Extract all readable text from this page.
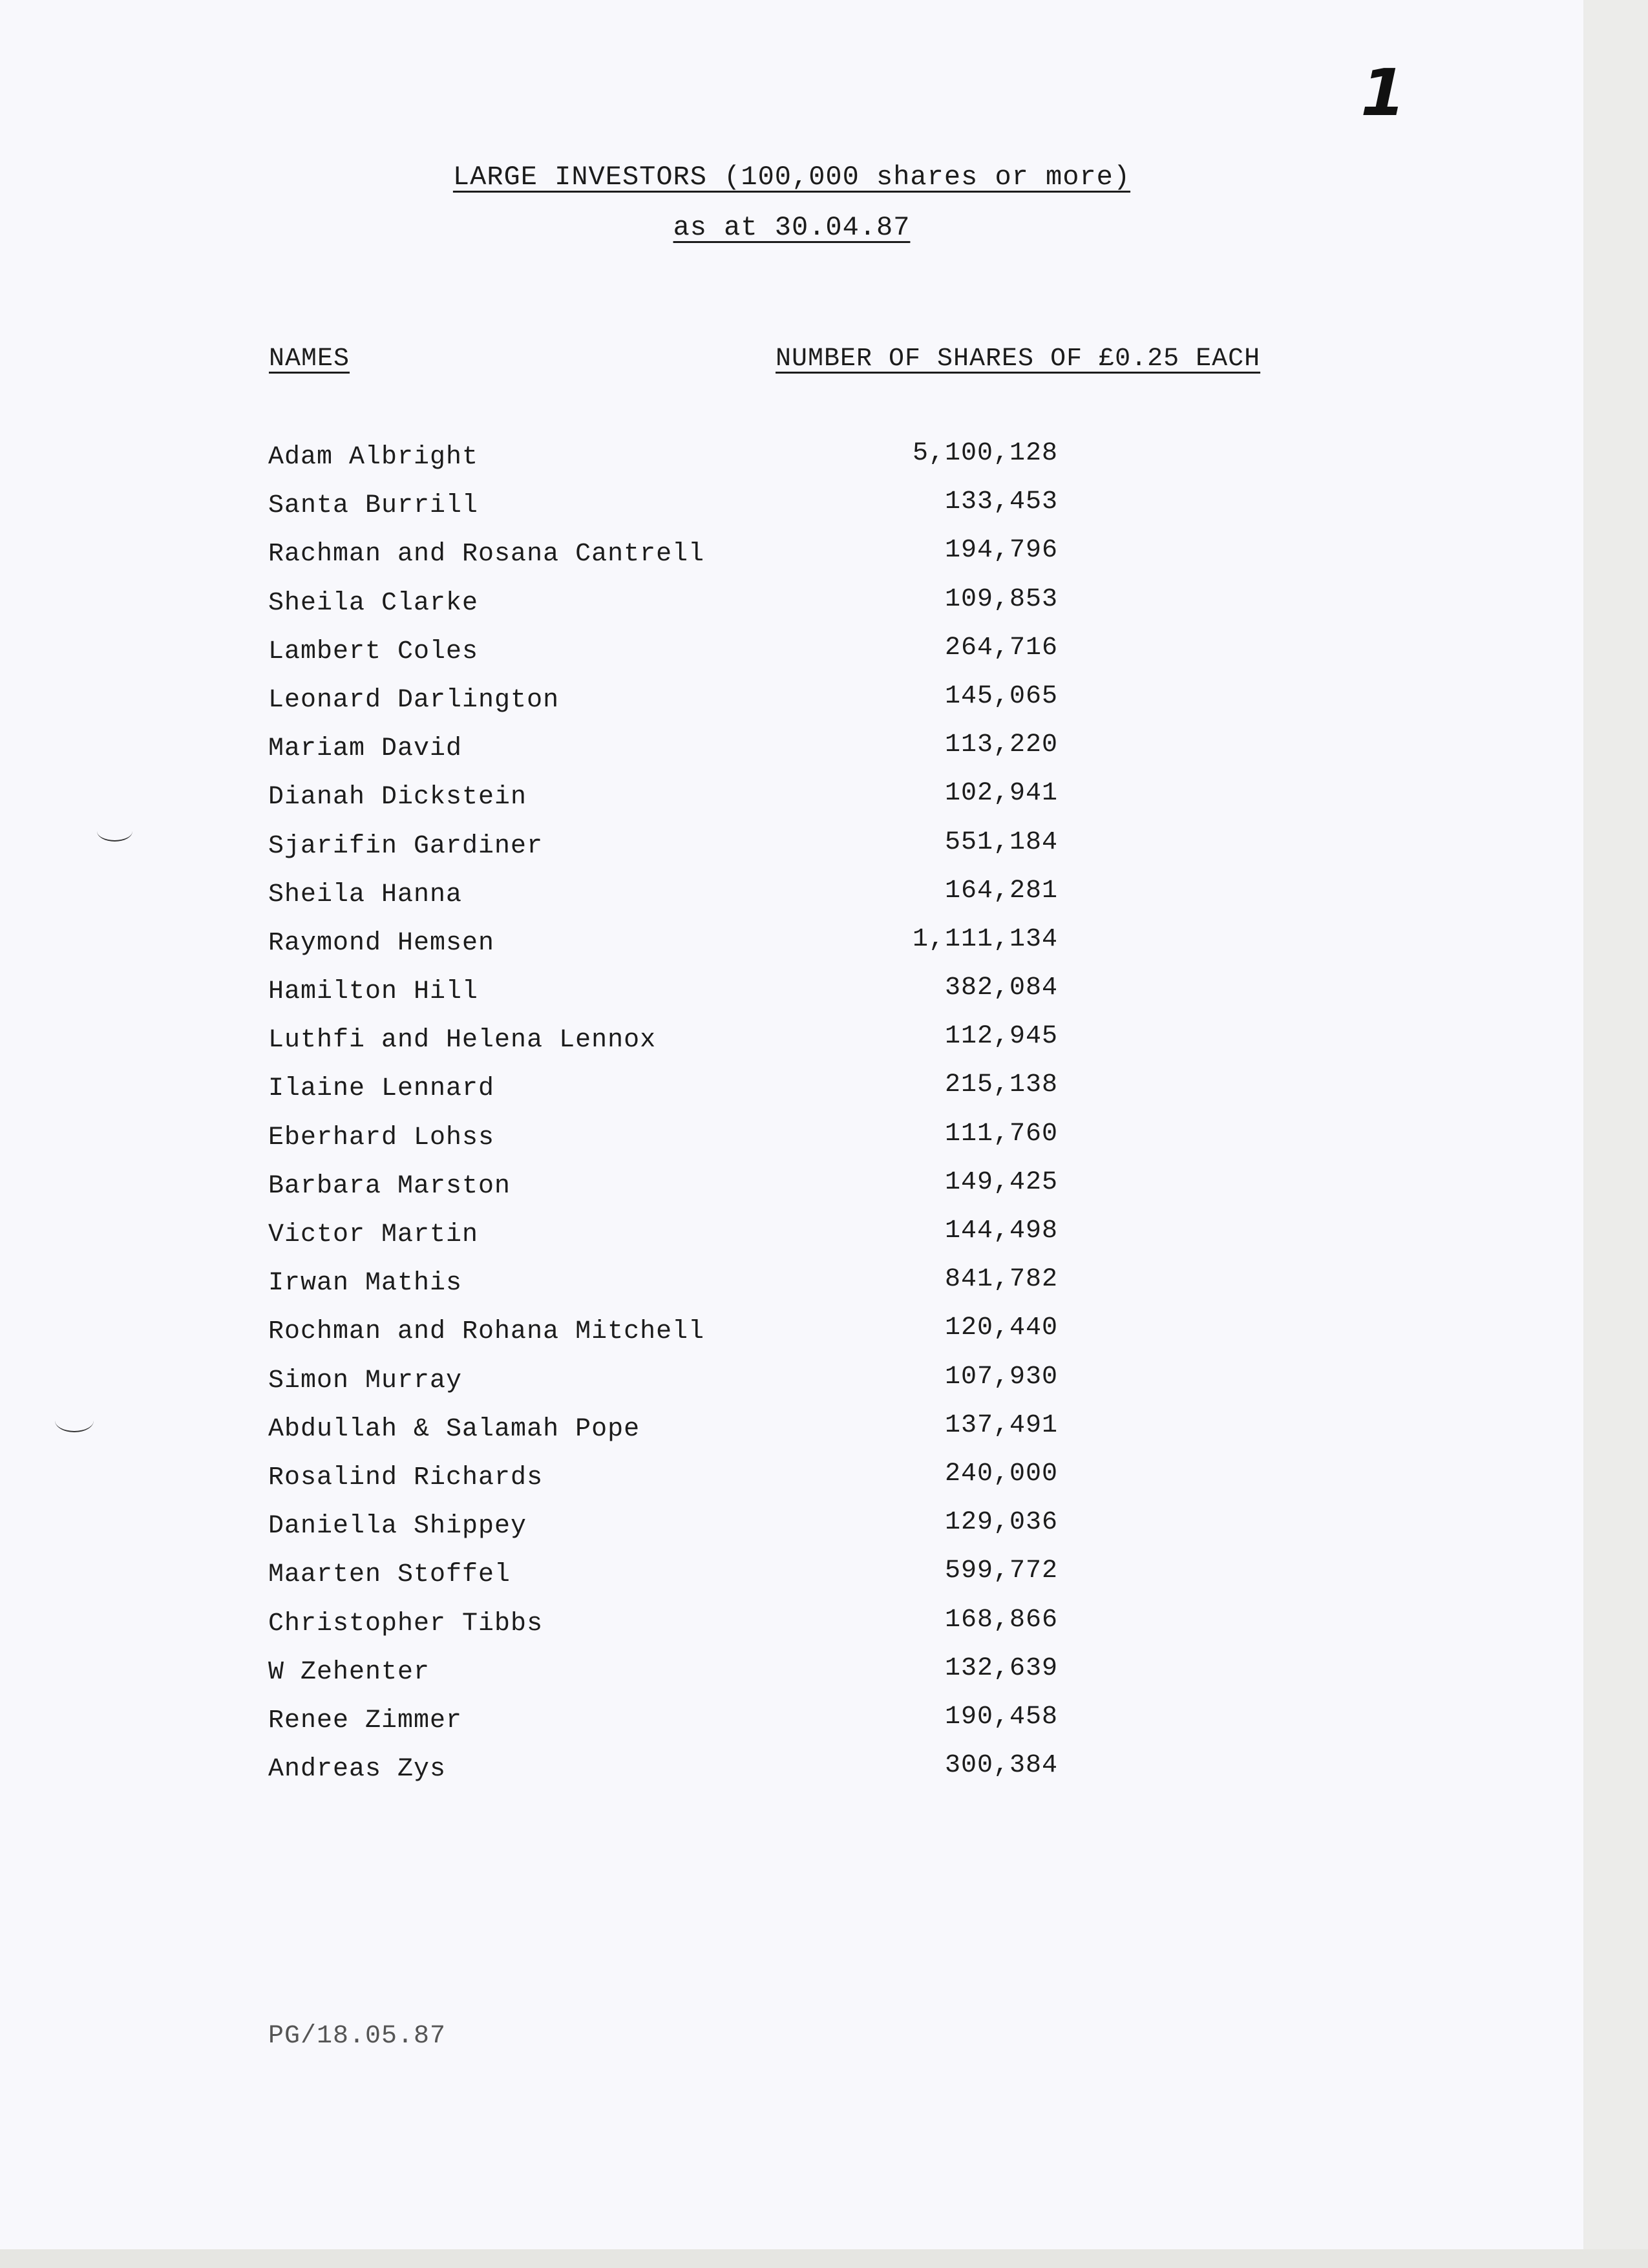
1
LARGE INVESTORS (100,000 shares or more)
as at 30.04.87
NAMES	NUMBER OF SHARES OF £0.25 EACH
Adam Albright	5,100,128
Santa Burrill	133,453
Rachman and Rosana Cantrell	194,796
Sheila Clarke	109,853
Lambert Coles	264,716
Leonard Darlington	145,065
Mariam David	113,220
Dianah Dickstein	102,941
Sjarifin Gardiner	551,184
Sheila Hanna	164,281
Raymond Hemsen	1,111,134
Hamilton Hill	382,084
Luthfi and Helena Lennox	112,945
Ilaine Lennard	215,138
Eberhard Lohss	111,760
Barbara Marston	149,425
Victor Martin	144,498
Irwan Mathis	841,782
Rochman and Rohana Mitchell	120,440
Simon Murray	107,930
Abdullah & Salamah Pope	137,491
Rosalind Richards	240,000
Daniella Shippey	129,036
Maarten Stoffel	599,772
Christopher Tibbs	168,866
W Zehenter	132,639
Renee Zimmer	190,458
Andreas Zys	300,384
PG/18.05.87
